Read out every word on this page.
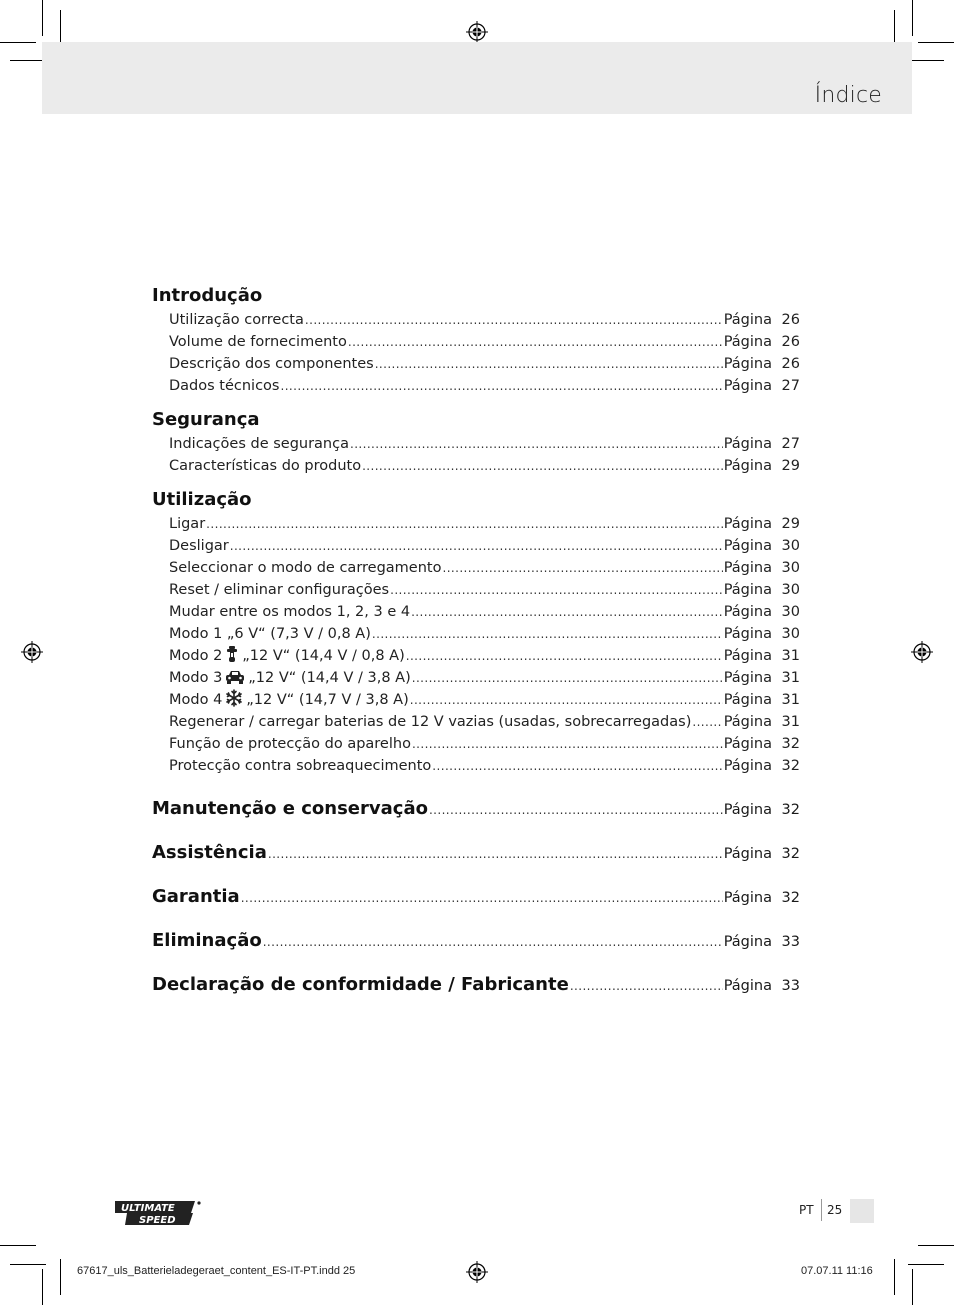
Índice
Introdução
Utilização correcta .....	Página 26
Volume de fornecimento .....	Página 26
Descrição dos componentes .....	Página 26
Dados técnicos .....	Página 27
Segurança
Indicações de segurança .....	Página 27
Características do produto .....	Página 29
Utilização
Ligar .....	Página 29
Desligar .....	Página 30
Seleccionar o modo de carregamento .....	Página 30
Reset / eliminar configurações .....	Página 30
Mudar entre os modos 1, 2, 3 e 4 .....	Página 30
Modo 1 „6 V“ (7,3 V / 0,8 A) .....	Página 30
Modo 2 „12 V“ (14,4 V / 0,8 A) .....	Página 31
Modo 3 „12 V“ (14,4 V / 3,8 A) .....	Página 31
Modo 4 „12 V“ (14,7 V / 3,8 A) .....	Página 31
Regenerar / carregar baterias de 12 V vazias (usadas, sobrecarregadas) ..... Página 31
Função de protecção do aparelho .....	Página 32
Protecção contra sobreaquecimento .....	Página 32
Manutenção e conservação .....	Página 32
Assistência .....	Página 32
Garantia .....	Página 32
Eliminação .....	Página 33
Declaração de conformidade / Fabricante .....	Página 33
ULTIMATE
SPEED
PT 25
67617_uls_Batterieladegeraet_content_ES-IT-PT.indd 25	07.07.11 11:16
